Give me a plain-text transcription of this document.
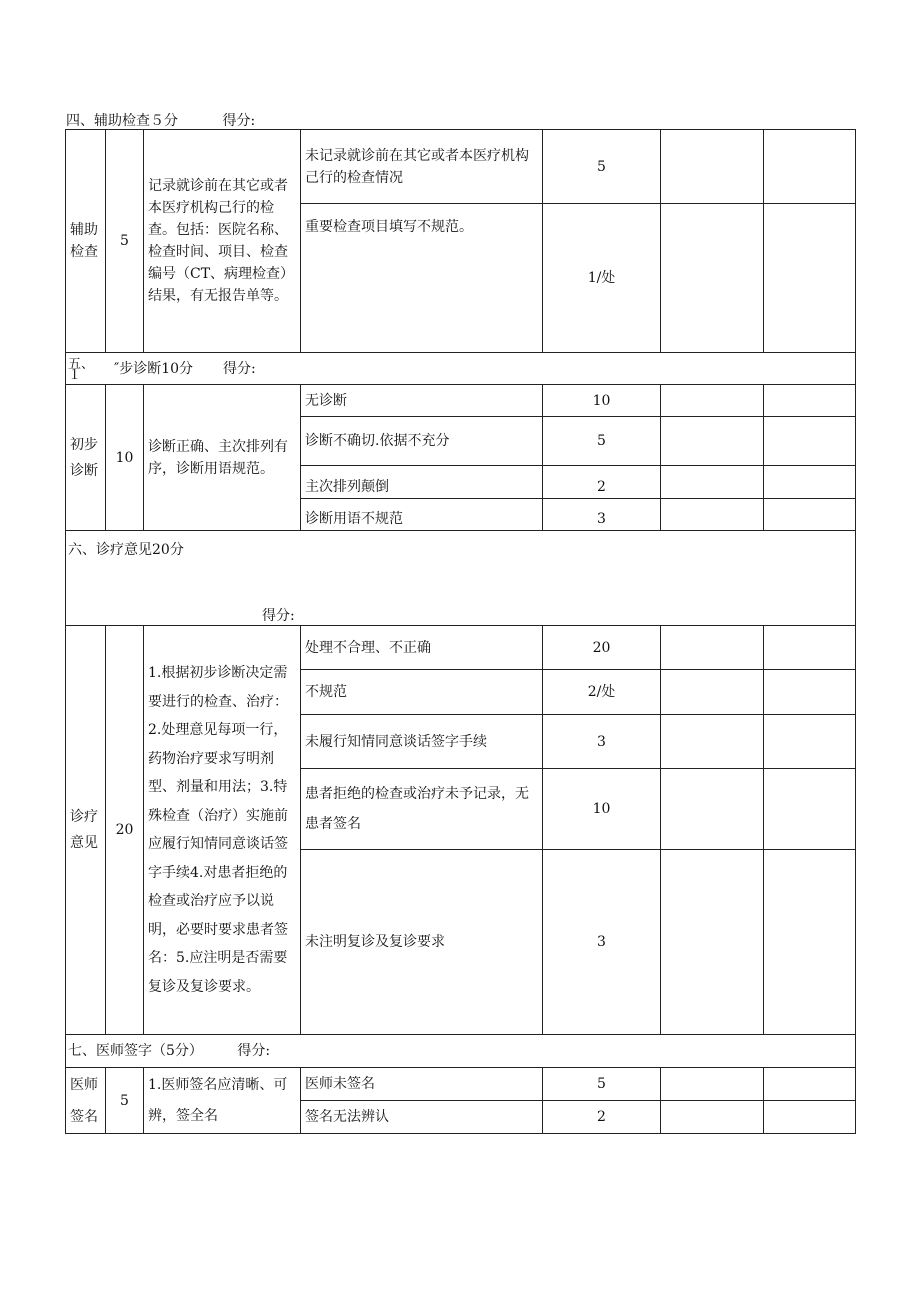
四、辅助检查５分	得分:
辅助检查	5	记录就诊前在其它或者本医疗机构己行的检查。包括：医院名称、检查时间、项目、检查编号（CT、病理检查）结果，有无报告单等。	未记录就诊前在其它或者本医疗机构己行的检查情况	5		
			重要检查项目填写不规范。	1/处		

五、１ ″步诊断10分 得分:						

初步诊断	10	诊断正确、主次排列有序，诊断用语规范。	无诊断	10		
			诊断不确切.依据不充分	5		
			主次排列颠倒	2		
			诊断用语不规范	3		

六、诊疗意见20分
得分:						

诊疗意见	20	1.根据初步诊断决定需要进行的检查、治疗：2.处理意见每项一行，药物治疗要求写明剂型、剂量和用法；3.特殊检查（治疗）实施前应履行知情同意谈话签字手续4.对患者拒绝的检查或治疗应予以说明，必要时要求患者签名：5.应注明是否需要复诊及复诊要求。	处理不合理、不正确	20		
			不规范	2/处		
			未履行知情同意谈话签字手续	3		
			患者拒绝的检查或治疗未予记录，无患者签名	10		
			未注明复诊及复诊要求	3		
七、医师签字（5分） 得分:						
医师签名	5	1.医师签名应清晰、可辨，签全名	医师未签名	5		
			签名无法辨认	2		
